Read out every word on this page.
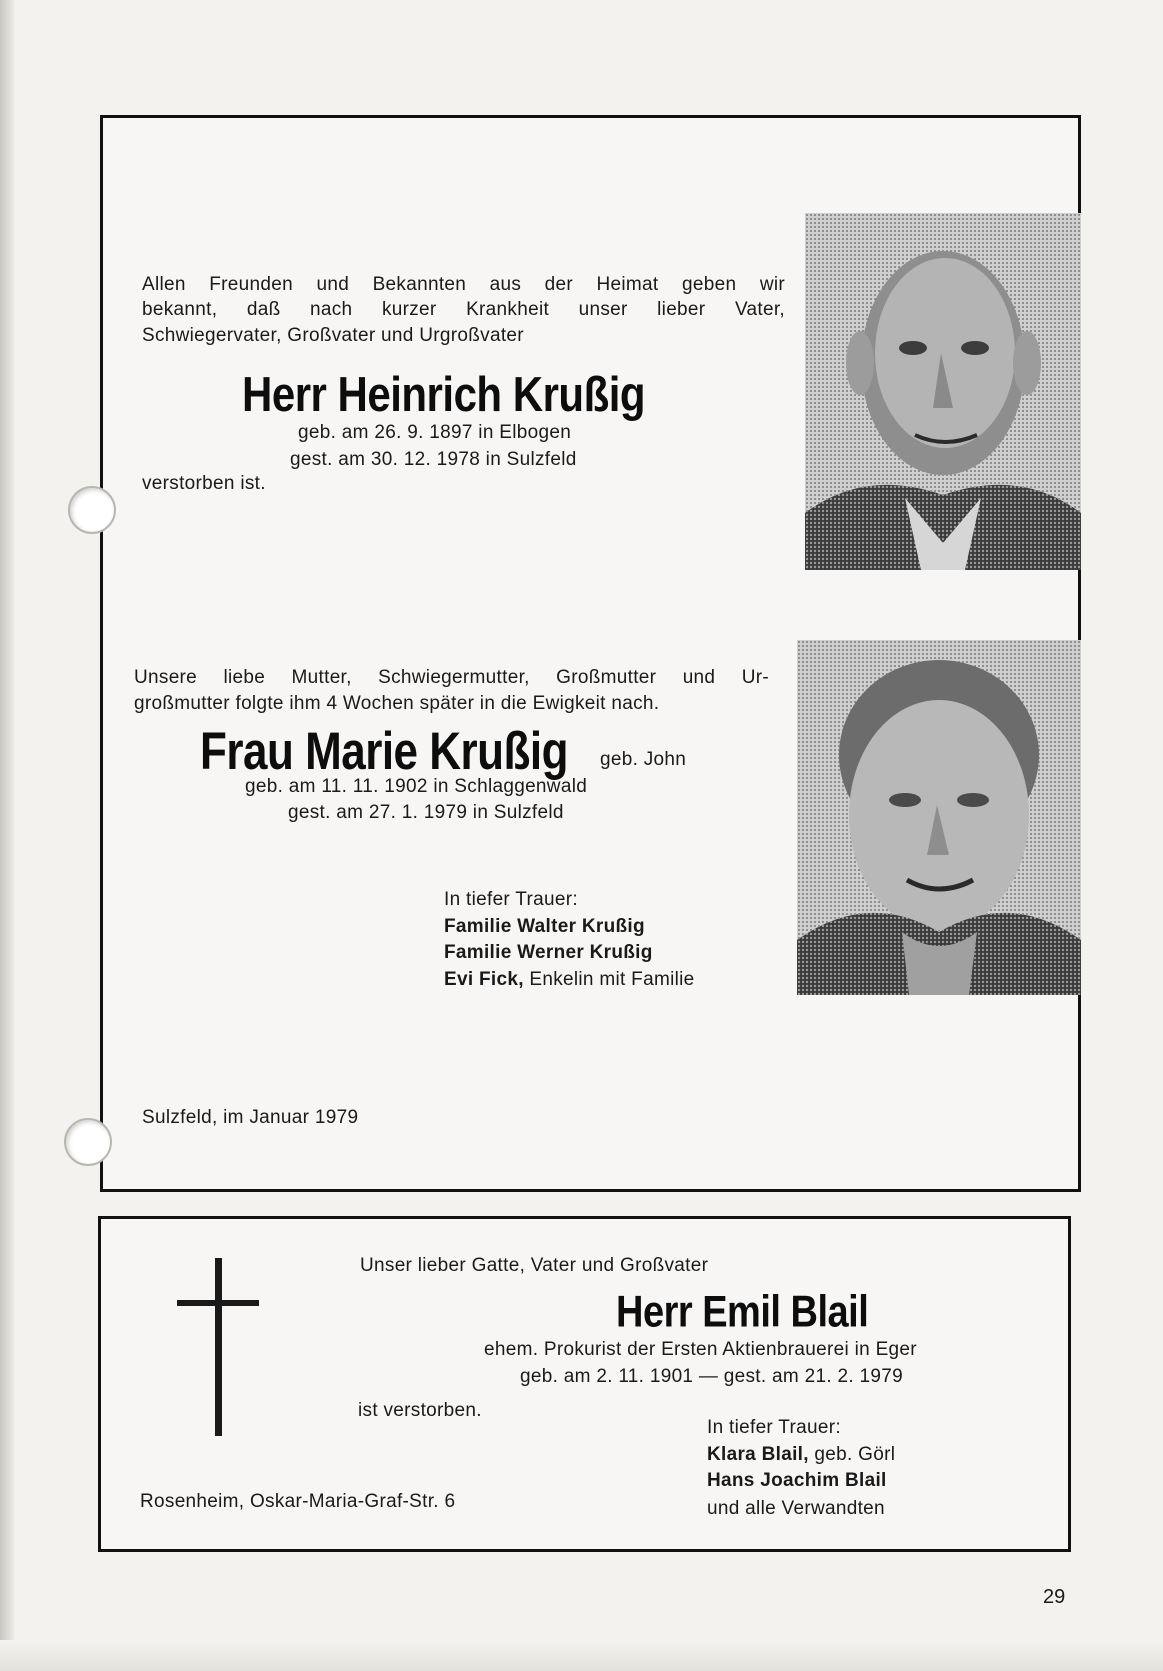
Allen Freunden und Bekannten aus der Heimat geben wir
bekannt, daß nach kurzer Krankheit unser lieber Vater,
Schwiegervater, Großvater und Urgroßvater
Herr Heinrich Krußig
geb. am 26. 9. 1897 in Elbogen
gest. am 30. 12. 1978 in Sulzfeld
verstorben ist.
Unsere liebe Mutter, Schwiegermutter, Großmutter und Ur-
großmutter folgte ihm 4 Wochen später in die Ewigkeit nach.
Frau Marie Krußig geb. John
geb. am 11. 11. 1902 in Schlaggenwald
gest. am 27. 1. 1979 in Sulzfeld
In tiefer Trauer:
Familie Walter Krußig
Familie Werner Krußig
Evi Fick, Enkelin mit Familie
Sulzfeld, im Januar 1979
Unser lieber Gatte, Vater und Großvater
Herr Emil Blail
ehem. Prokurist der Ersten Aktienbrauerei in Eger
geb. am 2. 11. 1901 — gest. am 21. 2. 1979
ist verstorben.
Rosenheim, Oskar-Maria-Graf-Str. 6
In tiefer Trauer:
Klara Blail, geb. Görl
Hans Joachim Blail
und alle Verwandten
29
